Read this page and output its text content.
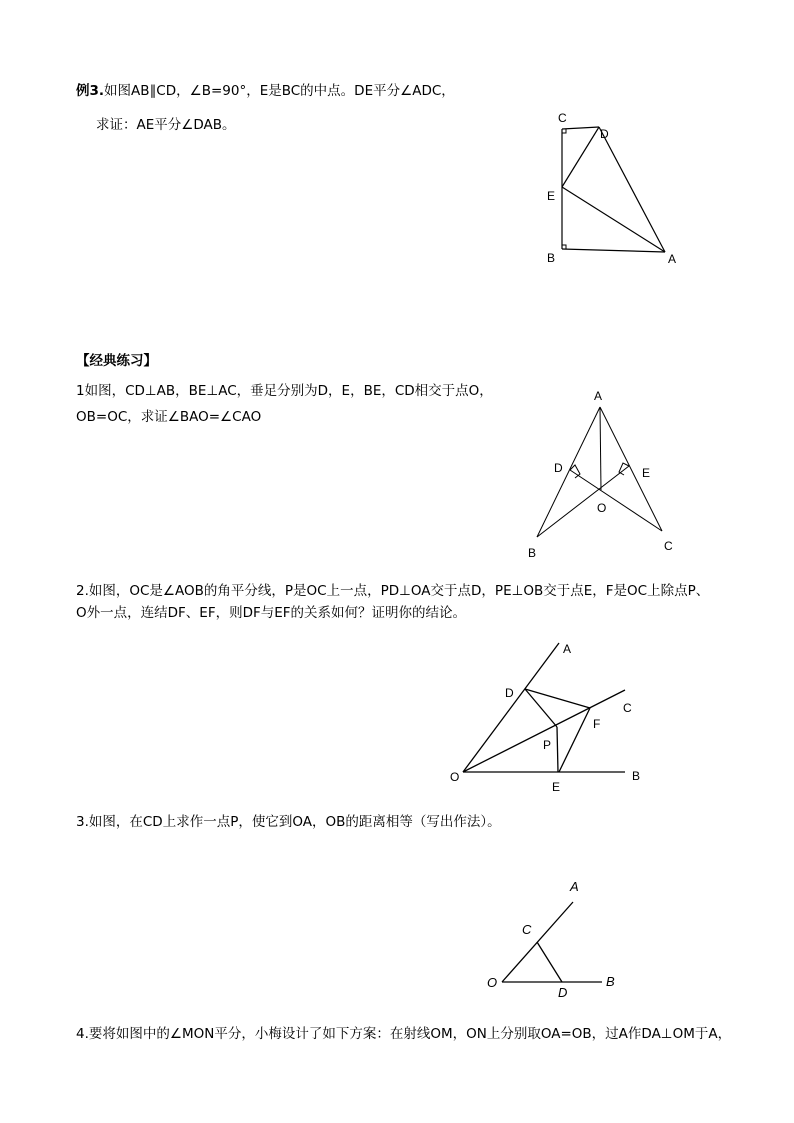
例3.如图AB∥CD，∠B=90°，E是BC的中点。DE平分∠ADC，
求证：AE平分∠DAB。	C
D
E
B	A
【经典练习】
1如图，CD⊥AB，BE⊥AC，垂足分别为D，E，BE，CD相交于点O，
OB=OC，求证∠BAO=∠CAO
A
D	E
O
B	C
2.如图，OC是∠AOB的角平分线，P是OC上一点，PD⊥OA交于点D，PE⊥OB交于点E，F是OC上除点P、
O外一点，连结DF、EF，则DF与EF的关系如何？证明你的结论。
A
D
C
F
P
O
E
B
3.如图，在CD上求作一点P，使它到OA，OB的距离相等（写出作法）。
A
C
O
D
B
4.要将如图中的∠MON平分，小梅设计了如下方案：在射线OM，ON上分别取OA=OB，过A作DA⊥OM于A，
